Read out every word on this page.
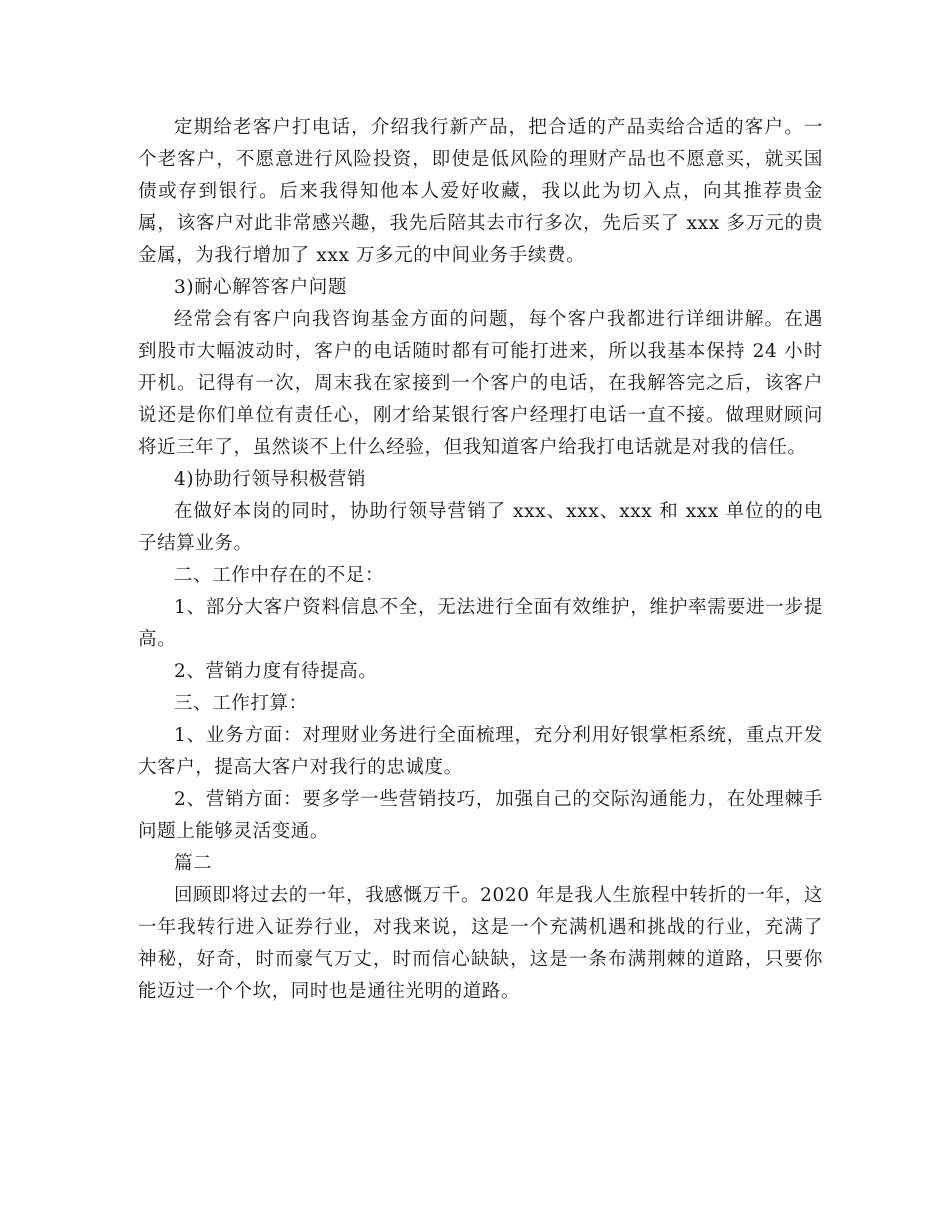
定期给老客户打电话，介绍我行新产品，把合适的产品卖给合适的客户。一个老客户，不愿意进行风险投资，即使是低风险的理财产品也不愿意买，就买国债或存到银行。后来我得知他本人爱好收藏，我以此为切入点，向其推荐贵金属，该客户对此非常感兴趣，我先后陪其去市行多次，先后买了 xxx 多万元的贵金属，为我行增加了 xxx 万多元的中间业务手续费。

3)耐心解答客户问题

经常会有客户向我咨询基金方面的问题，每个客户我都进行详细讲解。在遇到股市大幅波动时，客户的电话随时都有可能打进来，所以我基本保持 24 小时开机。记得有一次，周末我在家接到一个客户的电话，在我解答完之后，该客户说还是你们单位有责任心，刚才给某银行客户经理打电话一直不接。做理财顾问将近三年了，虽然谈不上什么经验，但我知道客户给我打电话就是对我的信任。

4)协助行领导积极营销

在做好本岗的同时，协助行领导营销了 xxx、xxx、xxx 和 xxx 单位的的电子结算业务。

二、工作中存在的不足：

1、部分大客户资料信息不全，无法进行全面有效维护，维护率需要进一步提高。

2、营销力度有待提高。

三、工作打算：

1、业务方面：对理财业务进行全面梳理，充分利用好银掌柜系统，重点开发大客户，提高大客户对我行的忠诚度。

2、营销方面：要多学一些营销技巧，加强自己的交际沟通能力，在处理棘手问题上能够灵活变通。

篇二

回顾即将过去的一年，我感慨万千。2020 年是我人生旅程中转折的一年，这一年我转行进入证券行业，对我来说，这是一个充满机遇和挑战的行业，充满了神秘，好奇，时而豪气万丈，时而信心缺缺，这是一条布满荆棘的道路，只要你能迈过一个个坎，同时也是通往光明的道路。
